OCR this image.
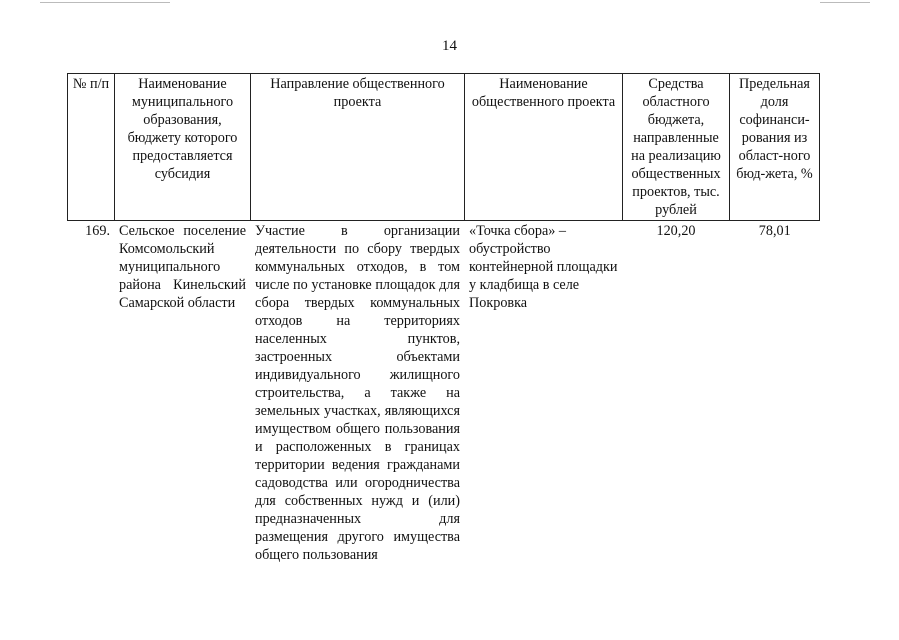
14
№ п/п	Наименование муниципального образования, бюджету которого предоставляется субсидия	Направление общественного проекта	Наименование общественного проекта	Средства областного бюджета, направленные на реализацию общественных проектов, тыс. рублей	Предельная доля софинанси-рования из област-ного бюд-жета, %
169.	Сельское поселение Комсомольский муниципального района Кинельский Самарской области	Участие в организации деятельности по сбору твердых коммунальных отходов, в том числе по установке площадок для сбора твердых коммунальных отходов на территориях населенных пунктов, застроенных объектами индивидуального жилищного строительства, а также на земельных участках, являющихся имуществом общего пользования и расположенных в границах территории ведения гражданами садоводства или огородничества для собственных нужд и (или) предназначенных для размещения другого имущества общего пользования	«Точка сбора» – обустройство контейнерной площадки у кладбища в селе Покровка	120,20	78,01
